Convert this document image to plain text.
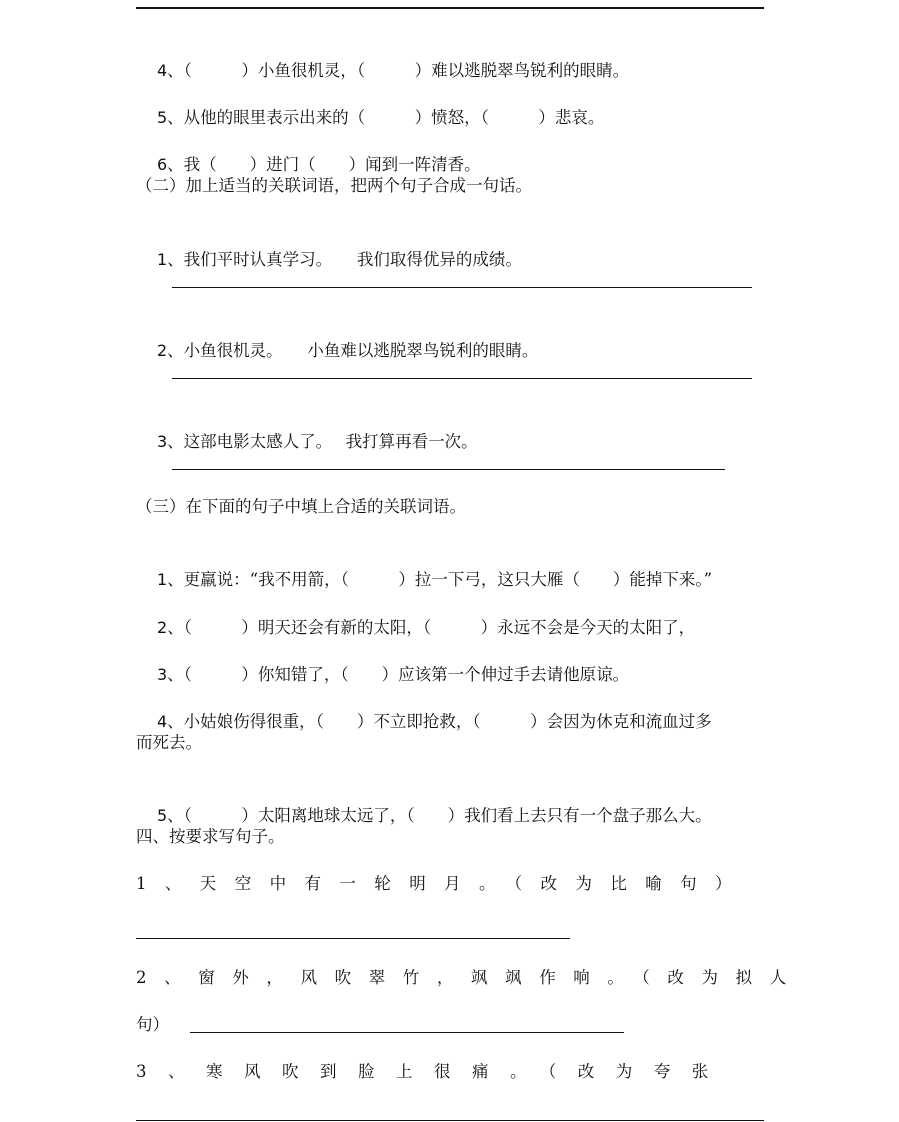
4、（　　　）小鱼很机灵，（　　　）难以逃脱翠鸟锐利的眼睛。

5、从他的眼里表示出来的（　　　）愤怒，（　　　）悲哀。

6、我（　　）进门（　　）闻到一阵清香。

（二）加上适当的关联词语，把两个句子合成一句话。

1、我们平时认真学习。　　我们取得优异的成绩。

2、小鱼很机灵。　　小鱼难以逃脱翠鸟锐利的眼睛。

3、这部电影太感人了。　 我打算再看一次。

（三）在下面的句子中填上合适的关联词语。

1、更羸说：“我不用箭，（　　　）拉一下弓，这只大雁（　　）能掉下来。”

2、（　　　）明天还会有新的太阳，（　　　）永远不会是今天的太阳了，

3、（　　　）你知错了，（　　）应该第一个伸过手去请他原谅。

4、小姑娘伤得很重，（　　）不立即抢救，（　　　）会因为休克和流血过多

而死去。

5、（　　　）太阳离地球太远了，（　　）我们看上去只有一个盘子那么大。

四、按要求写句子。
1、天空中有一轮明月。（改为比喻句）
2、窗外，风吹翠竹，飒飒作响。（改为拟人
句）
3、寒风吹到脸上很痛。（改为夸张
